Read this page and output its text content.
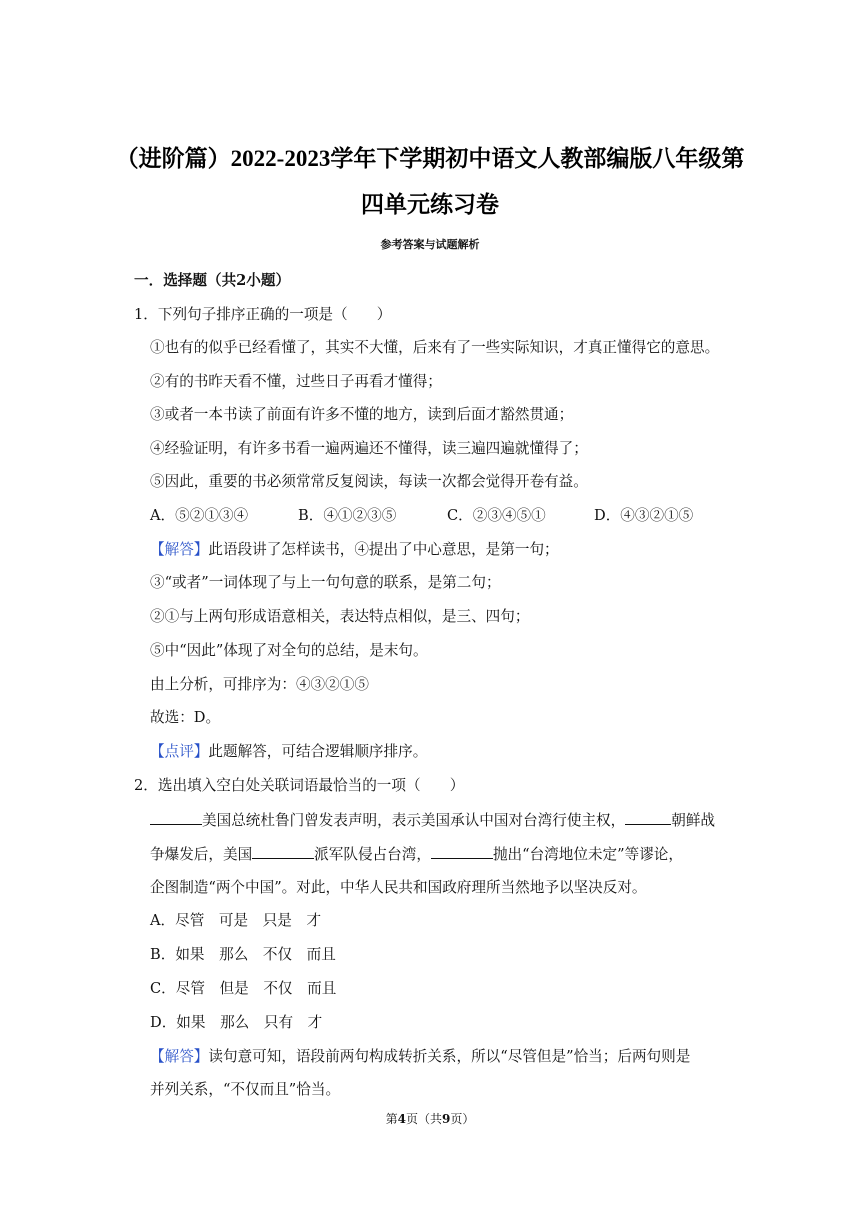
（进阶篇）2022-2023学年下学期初中语文人教部编版八年级第
四单元练习卷
参考答案与试题解析
一．选择题（共2小题）
1．下列句子排序正确的一项是（　　）
①也有的似乎已经看懂了，其实不大懂，后来有了一些实际知识，才真正懂得它的意思。
②有的书昨天看不懂，过些日子再看才懂得；
③或者一本书读了前面有许多不懂的地方，读到后面才豁然贯通；
④经验证明，有许多书看一遍两遍还不懂得，读三遍四遍就懂得了；
⑤因此，重要的书必须常常反复阅读，每读一次都会觉得开卷有益。
A．⑤②①③④	B．④①②③⑤	C．②③④⑤①	D．④③②①⑤
【解答】此语段讲了怎样读书，④提出了中心意思，是第一句；
③“或者”一词体现了与上一句句意的联系，是第二句；
②①与上两句形成语意相关，表达特点相似，是三、四句；
⑤中“因此”体现了对全句的总结，是末句。
由上分析，可排序为：④③②①⑤
故选：D。
【点评】此题解答，可结合逻辑顺序排序。
2．选出填入空白处关联词语最恰当的一项（　　）
美国总统杜鲁门曾发表声明，表示美国承认中国对台湾行使主权，	朝鲜战
争爆发后，美国	派军队侵占台湾，	抛出“台湾地位未定”等谬论，
企图制造“两个中国”。对此，中华人民共和国政府理所当然地予以坚决反对。
A．尽管　可是　只是　才
B．如果　那么　不仅　而且
C．尽管　但是　不仅　而且
D．如果　那么　只有　才
【解答】读句意可知，语段前两句构成转折关系，所以“尽管但是”恰当；后两句则是
并列关系，“不仅而且”恰当。
第4页（共9页）
